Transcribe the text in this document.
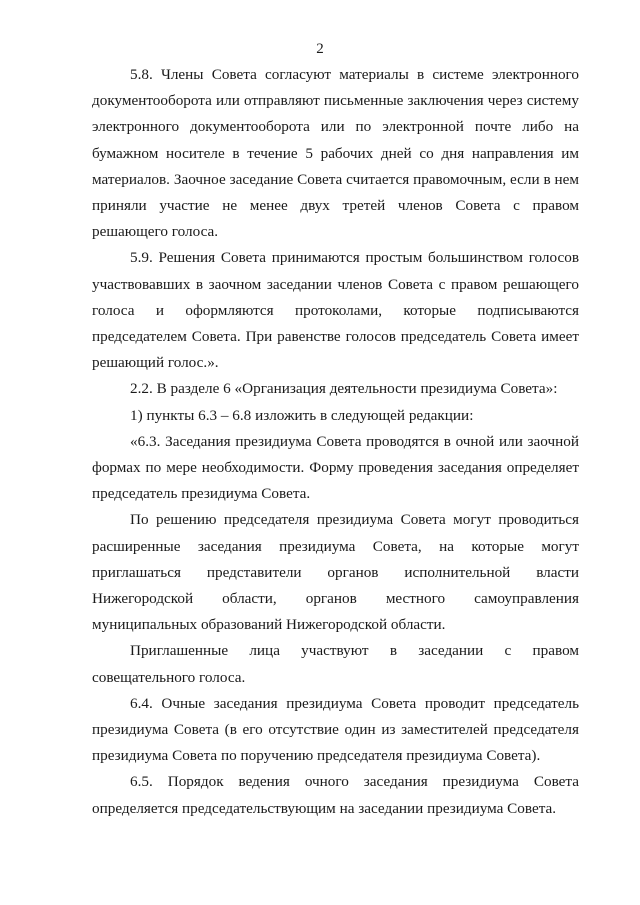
2

5.8. Члены Совета согласуют материалы в системе электронного документооборота или отправляют письменные заключения через систему электронного документооборота или по электронной почте либо на бумажном носителе в течение 5 рабочих дней со дня направления им материалов. Заочное заседание Совета считается правомочным, если в нем приняли участие не менее двух третей членов Совета с правом решающего голоса.

5.9. Решения Совета принимаются простым большинством голосов участвовавших в заочном заседании членов Совета с правом решающего голоса и оформляются протоколами, которые подписываются председателем Совета. При равенстве голосов председатель Совета имеет решающий голос.».

2.2. В разделе 6 «Организация деятельности президиума Совета»:

1) пункты 6.3 – 6.8 изложить в следующей редакции:

«6.3. Заседания президиума Совета проводятся в очной или заочной формах по мере необходимости. Форму проведения заседания определяет председатель президиума Совета.

По решению председателя президиума Совета могут проводиться расширенные заседания президиума Совета, на которые могут приглашаться представители органов исполнительной власти Нижегородской области, органов местного самоуправления муниципальных образований Нижегородской области.

Приглашенные лица участвуют в заседании с правом совещательного голоса.

6.4. Очные заседания президиума Совета проводит председатель президиума Совета (в его отсутствие один из заместителей председателя президиума Совета по поручению председателя президиума Совета).

6.5. Порядок ведения очного заседания президиума Совета определяется председательствующим на заседании президиума Совета.
